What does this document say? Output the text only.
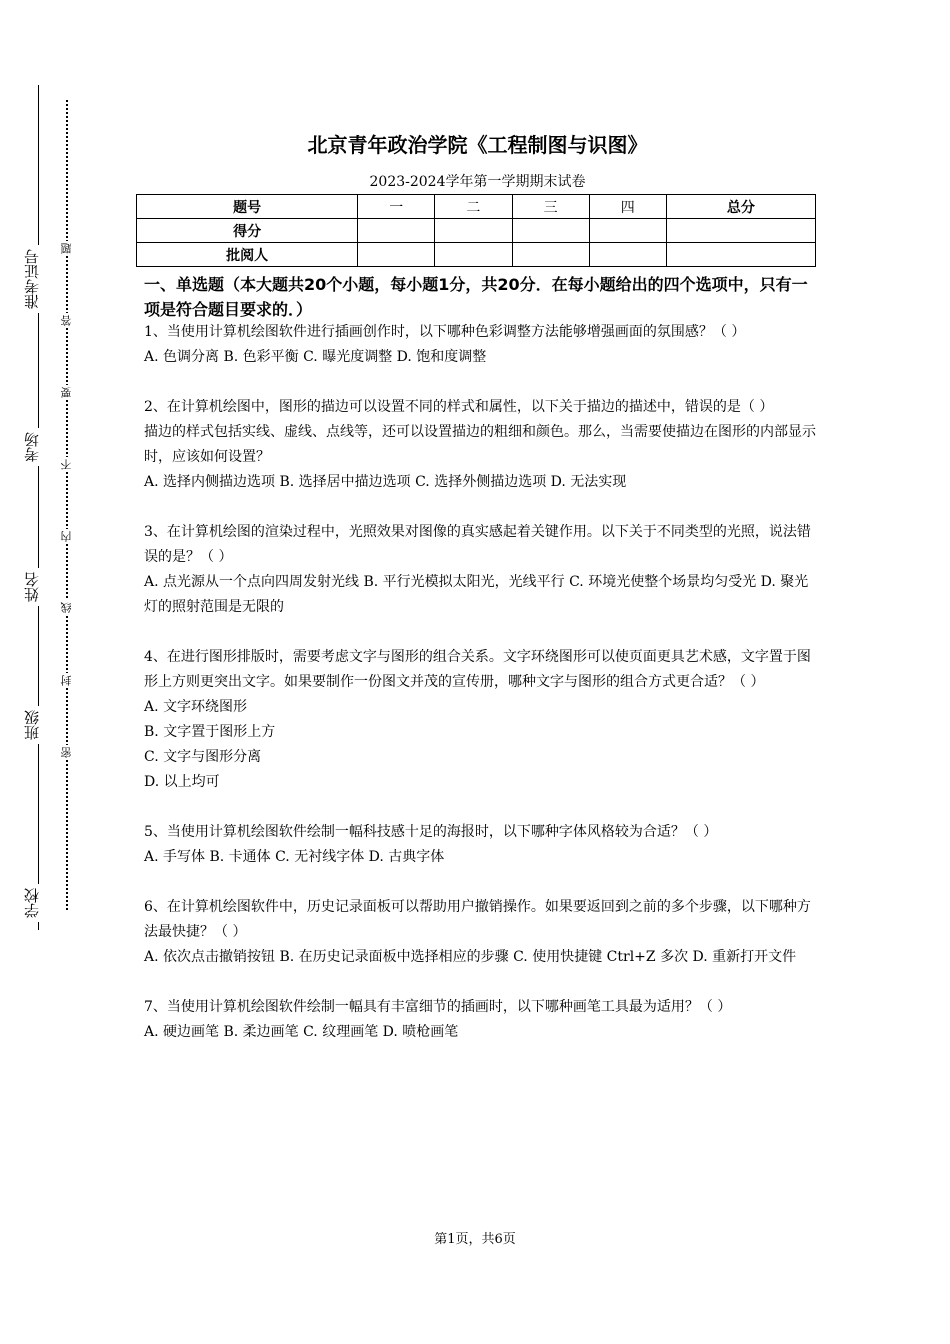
准考证号
考场
姓名
班级
学校
题
答
要
不
内
线
封
密
北京青年政治学院《工程制图与识图》
2023-2024学年第一学期期末试卷
题号	一	二	三	四	总分
得分					
批阅人					
一、单选题（本大题共20个小题，每小题1分，共20分．在每小题给出的四个选项中，只有一项是符合题目要求的．）

1、当使用计算机绘图软件进行插画创作时，以下哪种色彩调整方法能够增强画面的氛围感？（ ）

A. 色调分离 B. 色彩平衡 C. 曝光度调整 D. 饱和度调整

2、在计算机绘图中，图形的描边可以设置不同的样式和属性，以下关于描边的描述中，错误的是（ ）

描边的样式包括实线、虚线、点线等，还可以设置描边的粗细和颜色。那么，当需要使描边在图形的内部显示时，应该如何设置？

A. 选择内侧描边选项 B. 选择居中描边选项 C. 选择外侧描边选项 D. 无法实现

3、在计算机绘图的渲染过程中，光照效果对图像的真实感起着关键作用。以下关于不同类型的光照，说法错误的是？（ ）

A. 点光源从一个点向四周发射光线 B. 平行光模拟太阳光，光线平行 C. 环境光使整个场景均匀受光 D. 聚光灯的照射范围是无限的

4、在进行图形排版时，需要考虑文字与图形的组合关系。文字环绕图形可以使页面更具艺术感，文字置于图形上方则更突出文字。如果要制作一份图文并茂的宣传册，哪种文字与图形的组合方式更合适？（ ）

A. 文字环绕图形

B. 文字置于图形上方

C. 文字与图形分离

D. 以上均可

5、当使用计算机绘图软件绘制一幅科技感十足的海报时，以下哪种字体风格较为合适？（ ）

A. 手写体 B. 卡通体 C. 无衬线字体 D. 古典字体

6、在计算机绘图软件中，历史记录面板可以帮助用户撤销操作。如果要返回到之前的多个步骤，以下哪种方法最快捷？（ ）

A. 依次点击撤销按钮 B. 在历史记录面板中选择相应的步骤 C. 使用快捷键 Ctrl+Z 多次 D. 重新打开文件

7、当使用计算机绘图软件绘制一幅具有丰富细节的插画时，以下哪种画笔工具最为适用？（ ）

A. 硬边画笔 B. 柔边画笔 C. 纹理画笔 D. 喷枪画笔

第1页，共6页
